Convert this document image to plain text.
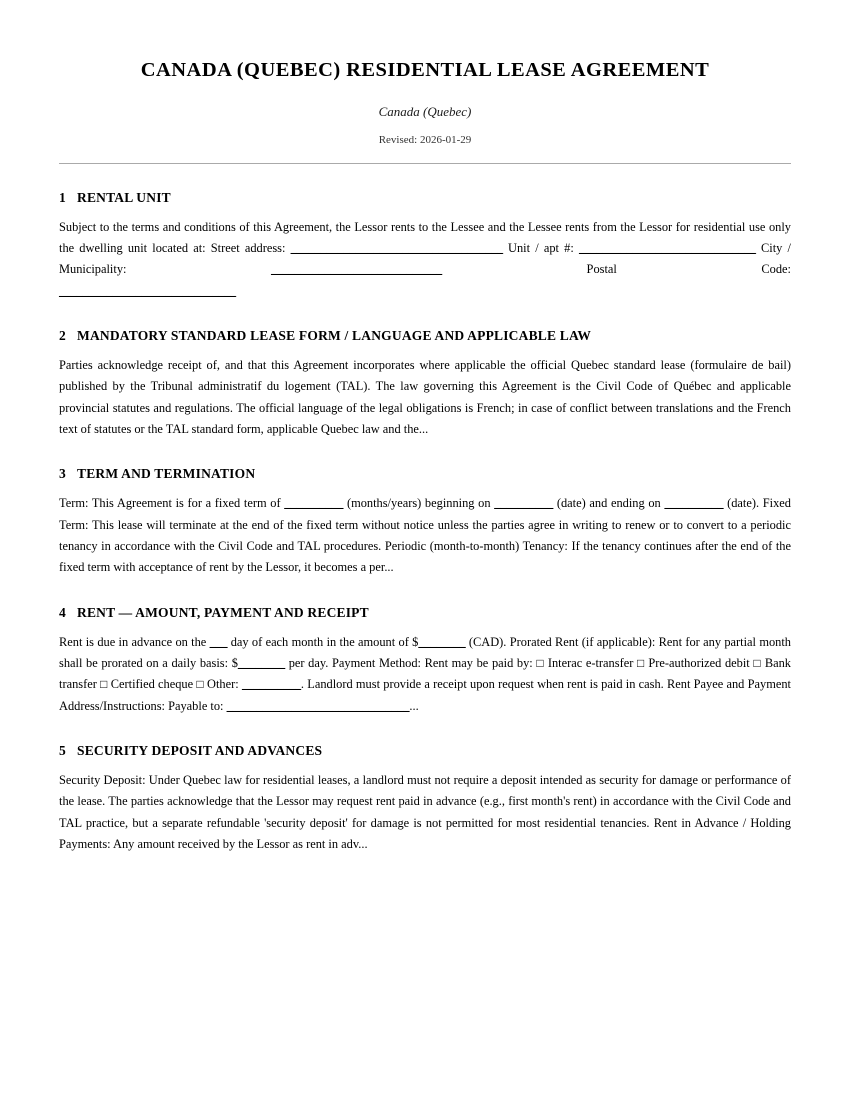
CANADA (QUEBEC) RESIDENTIAL LEASE AGREEMENT
Canada (Quebec)
Revised: 2026-01-29
1 RENTAL UNIT

Subject to the terms and conditions of this Agreement, the Lessor rents to the Lessee and the Lessee rents from the Lessor for residential use only the dwelling unit located at: Street address: ____________________________________ Unit / apt #: ______________________________ City / Municipality:	_____________________________	Postal Code:
______________________________

2 MANDATORY STANDARD LEASE FORM / LANGUAGE AND APPLICABLE LAW

Parties acknowledge receipt of, and that this Agreement incorporates where applicable the official Quebec standard lease (formulaire de bail) published by the Tribunal administratif du logement (TAL). The law governing this Agreement is the Civil Code of Québec and applicable provincial statutes and regulations. The official language of the legal obligations is French; in case of conflict between translations and the French text of statutes or the TAL standard form, applicable Quebec law and the...

3 TERM AND TERMINATION

Term: This Agreement is for a fixed term of __________ (months/years) beginning on __________ (date) and ending on __________ (date). Fixed Term: This lease will terminate at the end of the fixed term without notice unless the parties agree in writing to renew or to convert to a periodic tenancy in accordance with the Civil Code and TAL procedures. Periodic (month-to-month) Tenancy: If the tenancy continues after the end of the fixed term with acceptance of rent by the Lessor, it becomes a per...

4 RENT — AMOUNT, PAYMENT AND RECEIPT

Rent is due in advance on the ___ day of each month in the amount of $________ (CAD). Prorated Rent (if applicable): Rent for any partial month shall be prorated on a daily basis: $________ per day. Payment Method: Rent may be paid by: □ Interac e-transfer □ Pre-authorized debit □ Bank transfer □ Certified cheque □ Other: __________. Landlord must provide a receipt upon request when rent is paid in cash. Rent Payee and Payment Address/Instructions: Payable to: _______________________________...

5 SECURITY DEPOSIT AND ADVANCES

Security Deposit: Under Quebec law for residential leases, a landlord must not require a deposit intended as security for damage or performance of the lease. The parties acknowledge that the Lessor may request rent paid in advance (e.g., first month's rent) in accordance with the Civil Code and TAL practice, but a separate refundable 'security deposit' for damage is not permitted for most residential tenancies. Rent in Advance / Holding Payments: Any amount received by the Lessor as rent in adv...
